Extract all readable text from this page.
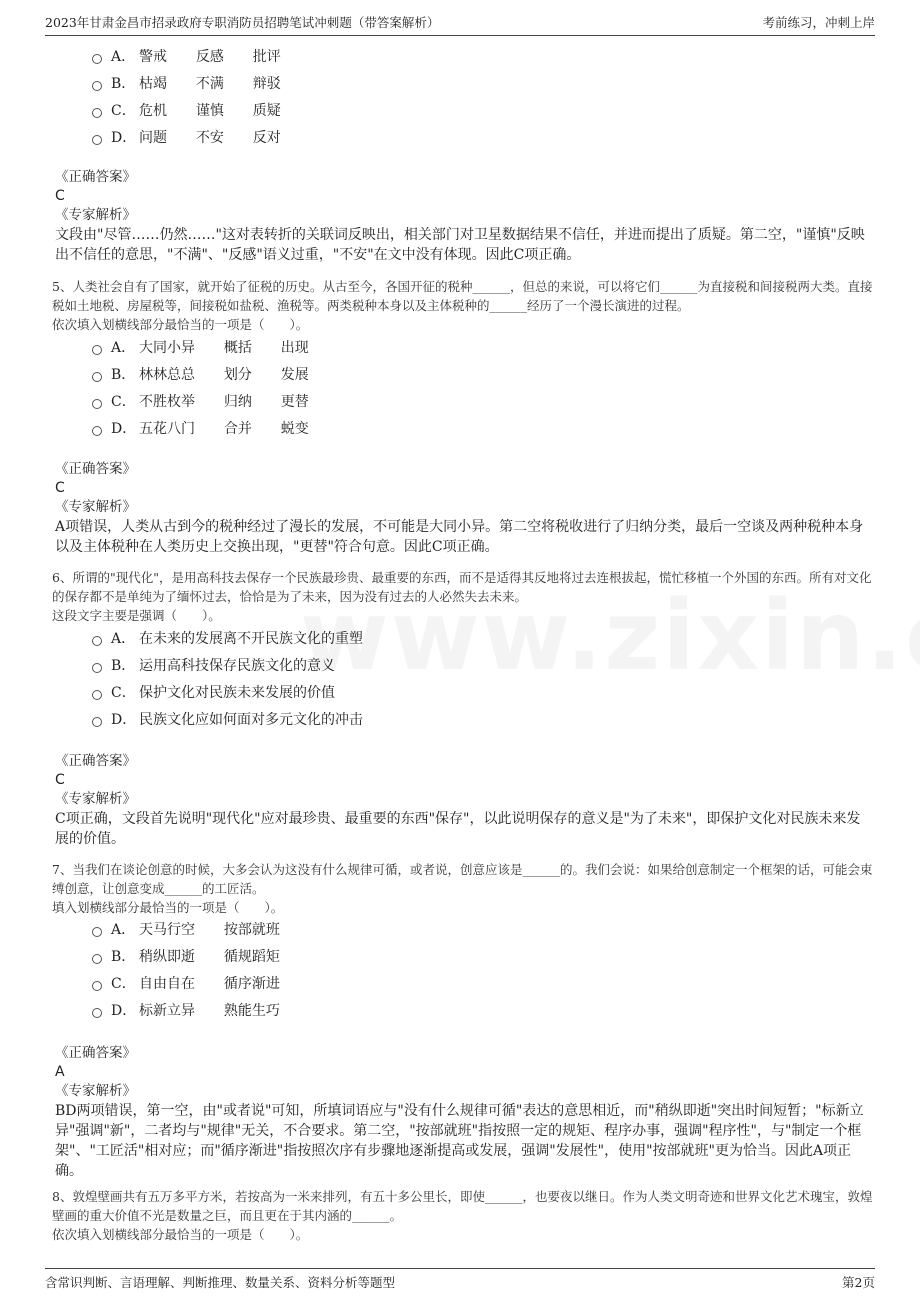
2023年甘肃金昌市招录政府专职消防员招聘笔试冲刺题（带答案解析）	考前练习，冲刺上岸
A． 警戒  反感  批评
B． 枯竭  不满  辩驳
C． 危机  谨慎  质疑
D． 问题  不安  反对
《正确答案》
C
《专家解析》
文段由"尽管……仍然……"这对表转折的关联词反映出，相关部门对卫星数据结果不信任，并进而提出了质疑。第二空，"谨慎"反映出不信任的意思，"不满"、"反感"语义过重，"不安"在文中没有体现。因此C项正确。
5、人类社会自有了国家，就开始了征税的历史。从古至今，各国开征的税种______，但总的来说，可以将它们______为直接税和间接税两大类。直接税如土地税、房屋税等，间接税如盐税、渔税等。两类税种本身以及主体税种的______经历了一个漫长演进的过程。
依次填入划横线部分最恰当的一项是（　　）。
A． 大同小异  概括  出现
B． 林林总总  划分  发展
C． 不胜枚举  归纳  更替
D． 五花八门  合并  蜕变
《正确答案》
C
《专家解析》
A项错误，人类从古到今的税种经过了漫长的发展，不可能是大同小异。第二空将税收进行了归纳分类，最后一空谈及两种税种本身以及主体税种在人类历史上交换出现，"更替"符合句意。因此C项正确。
6、所谓的"现代化"，是用高科技去保存一个民族最珍贵、最重要的东西，而不是适得其反地将过去连根拔起，慌忙移植一个外国的东西。所有对文化的保存都不是单纯为了缅怀过去，恰恰是为了未来，因为没有过去的人必然失去未来。
这段文字主要是强调（　　）。
A． 在未来的发展离不开民族文化的重塑
B． 运用高科技保存民族文化的意义
C． 保护文化对民族未来发展的价值
D． 民族文化应如何面对多元文化的冲击
《正确答案》
C
《专家解析》
C项正确，文段首先说明"现代化"应对最珍贵、最重要的东西"保存"，以此说明保存的意义是"为了未来"，即保护文化对民族未来发展的价值。
7、当我们在谈论创意的时候，大多会认为这没有什么规律可循，或者说，创意应该是______的。我们会说：如果给创意制定一个框架的话，可能会束缚创意，让创意变成______的工匠活。
填入划横线部分最恰当的一项是（　　）。
A． 天马行空  按部就班
B． 稍纵即逝  循规蹈矩
C． 自由自在  循序渐进
D． 标新立异  熟能生巧
《正确答案》
A
《专家解析》
BD两项错误，第一空，由"或者说"可知，所填词语应与"没有什么规律可循"表达的意思相近，而"稍纵即逝"突出时间短暂；"标新立异"强调"新"，二者均与"规律"无关，不合要求。第二空，"按部就班"指按照一定的规矩、程序办事，强调"程序性"，与"制定一个框架"、"工匠活"相对应；而"循序渐进"指按照次序有步骤地逐渐提高或发展，强调"发展性"，使用"按部就班"更为恰当。因此A项正确。
8、敦煌壁画共有五万多平方米，若按高为一米来排列，有五十多公里长，即使______，也要夜以继日。作为人类文明奇迹和世界文化艺术瑰宝，敦煌壁画的重大价值不光是数量之巨，而且更在于其内涵的______。
依次填入划横线部分最恰当的一项是（　　）。
含常识判断、言语理解、判断推理、数量关系、资料分析等题型	第2页
